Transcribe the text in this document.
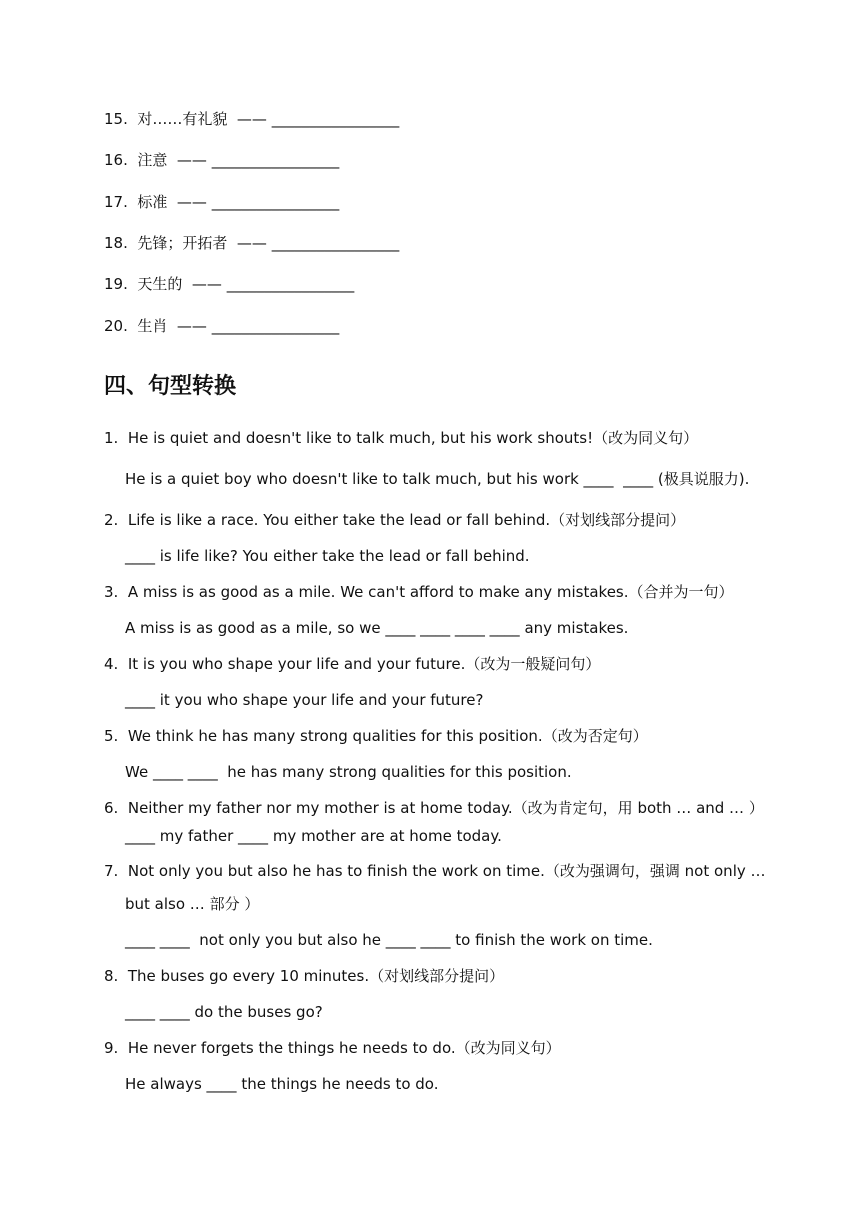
15.  对……有礼貌  —— _________________
16.  注意  —— _________________
17.  标准  —— _________________
18.  先锋；开拓者  —— _________________
19.  天生的  —— _________________
20.  生肖  —— _________________
四、句型转换
1.  He is quiet and doesn't like to talk much, but his work shouts!（改为同义句）
He is a quiet boy who doesn't like to talk much, but his work ____  ____ (极具说服力).
2.  Life is like a race. You either take the lead or fall behind.（对划线部分提问）
____ is life like? You either take the lead or fall behind.
3.  A miss is as good as a mile. We can't afford to make any mistakes.（合并为一句）
A miss is as good as a mile, so we ____ ____ ____ ____ any mistakes.
4.  It is you who shape your life and your future.（改为一般疑问句）
____ it you who shape your life and your future?
5.  We think he has many strong qualities for this position.（改为否定句）
We ____ ____  he has many strong qualities for this position.
6.  Neither my father nor my mother is at home today.（改为肯定句，用 both … and … ）
____ my father ____ my mother are at home today.
7.  Not only you but also he has to finish the work on time.（改为强调句，强调 not only …
but also … 部分 ）
____ ____  not only you but also he ____ ____ to finish the work on time.
8.  The buses go every 10 minutes.（对划线部分提问）
____ ____ do the buses go?
9.  He never forgets the things he needs to do.（改为同义句）
He always ____ the things he needs to do.
